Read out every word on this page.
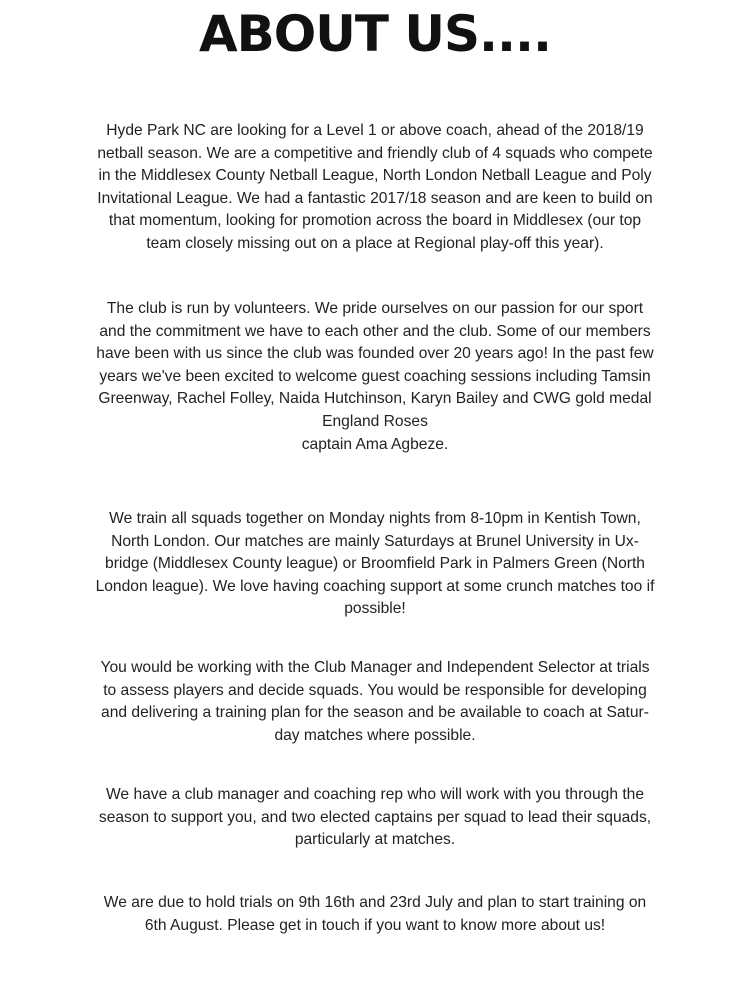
ABOUT US....
Hyde Park NC are looking for a Level 1 or above coach, ahead of the 2018/19
netball season. We are a competitive and friendly club of 4 squads who compete
in the Middlesex County Netball League, North London Netball League and Poly
Invitational League. We had a fantastic 2017/18 season and are keen to build on
that momentum, looking for promotion across the board in Middlesex (our top
team closely missing out on a place at Regional play-off this year).
The club is run by volunteers. We pride ourselves on our passion for our sport
and the commitment we have to each other and the club. Some of our members
have been with us since the club was founded over 20 years ago! In the past few
years we've been excited to welcome guest coaching sessions including Tamsin
Greenway, Rachel Folley, Naida Hutchinson, Karyn Bailey and CWG gold medal
England Roses
captain Ama Agbeze.
We train all squads together on Monday nights from 8-10pm in Kentish Town,
North London. Our matches are mainly Saturdays at Brunel University in Ux-
bridge (Middlesex County league) or Broomfield Park in Palmers Green (North
London league). We love having coaching support at some crunch matches too if
possible!
You would be working with the Club Manager and Independent Selector at trials
to assess players and decide squads. You would be responsible for developing
and delivering a training plan for the season and be available to coach at Satur-
day matches where possible.
We have a club manager and coaching rep who will work with you through the
season to support you, and two elected captains per squad to lead their squads,
particularly at matches.
We are due to hold trials on 9th 16th and 23rd July and plan to start training on
6th August. Please get in touch if you want to know more about us!
